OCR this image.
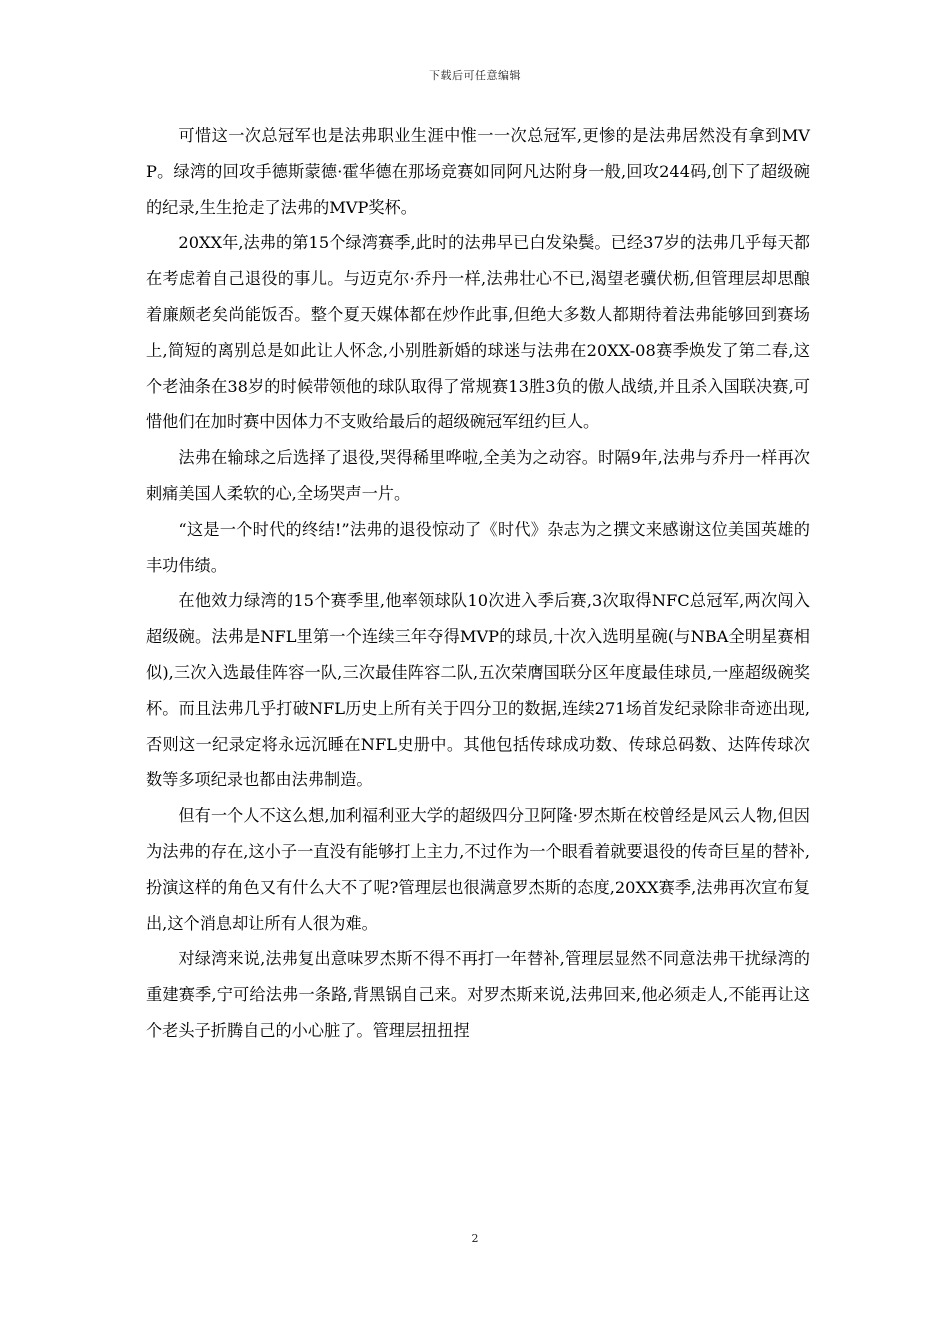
下载后可任意编辑

可惜这一次总冠军也是法弗职业生涯中惟一一次总冠军,更惨的是法弗居然没有拿到MVP。绿湾的回攻手德斯蒙德·霍华德在那场竞赛如同阿凡达附身一般,回攻244码,创下了超级碗的纪录,生生抢走了法弗的MVP奖杯。

20XX年,法弗的第15个绿湾赛季,此时的法弗早已白发染鬓。已经37岁的法弗几乎每天都在考虑着自己退役的事儿。与迈克尔·乔丹一样,法弗壮心不已,渴望老骥伏枥,但管理层却思酿着廉颇老矣尚能饭否。整个夏天媒体都在炒作此事,但绝大多数人都期待着法弗能够回到赛场上,简短的离别总是如此让人怀念,小别胜新婚的球迷与法弗在20XX-08赛季焕发了第二春,这个老油条在38岁的时候带领他的球队取得了常规赛13胜3负的傲人战绩,并且杀入国联决赛,可惜他们在加时赛中因体力不支败给最后的超级碗冠军纽约巨人。

法弗在输球之后选择了退役,哭得稀里哗啦,全美为之动容。时隔9年,法弗与乔丹一样再次刺痛美国人柔软的心,全场哭声一片。

“这是一个时代的终结!”法弗的退役惊动了《时代》杂志为之撰文来感谢这位美国英雄的丰功伟绩。

在他效力绿湾的15个赛季里,他率领球队10次进入季后赛,3次取得NFC总冠军,两次闯入超级碗。法弗是NFL里第一个连续三年夺得MVP的球员,十次入选明星碗(与NBA全明星赛相似),三次入选最佳阵容一队,三次最佳阵容二队,五次荣膺国联分区年度最佳球员,一座超级碗奖杯。而且法弗几乎打破NFL历史上所有关于四分卫的数据,连续271场首发纪录除非奇迹出现,否则这一纪录定将永远沉睡在NFL史册中。其他包括传球成功数、传球总码数、达阵传球次数等多项纪录也都由法弗制造。

但有一个人不这么想,加利福利亚大学的超级四分卫阿隆·罗杰斯在校曾经是风云人物,但因为法弗的存在,这小子一直没有能够打上主力,不过作为一个眼看着就要退役的传奇巨星的替补,扮演这样的角色又有什么大不了呢?管理层也很满意罗杰斯的态度,20XX赛季,法弗再次宣布复出,这个消息却让所有人很为难。

对绿湾来说,法弗复出意味罗杰斯不得不再打一年替补,管理层显然不同意法弗干扰绿湾的重建赛季,宁可给法弗一条路,背黑锅自己来。对罗杰斯来说,法弗回来,他必须走人,不能再让这个老头子折腾自己的小心脏了。管理层扭扭捏

2
